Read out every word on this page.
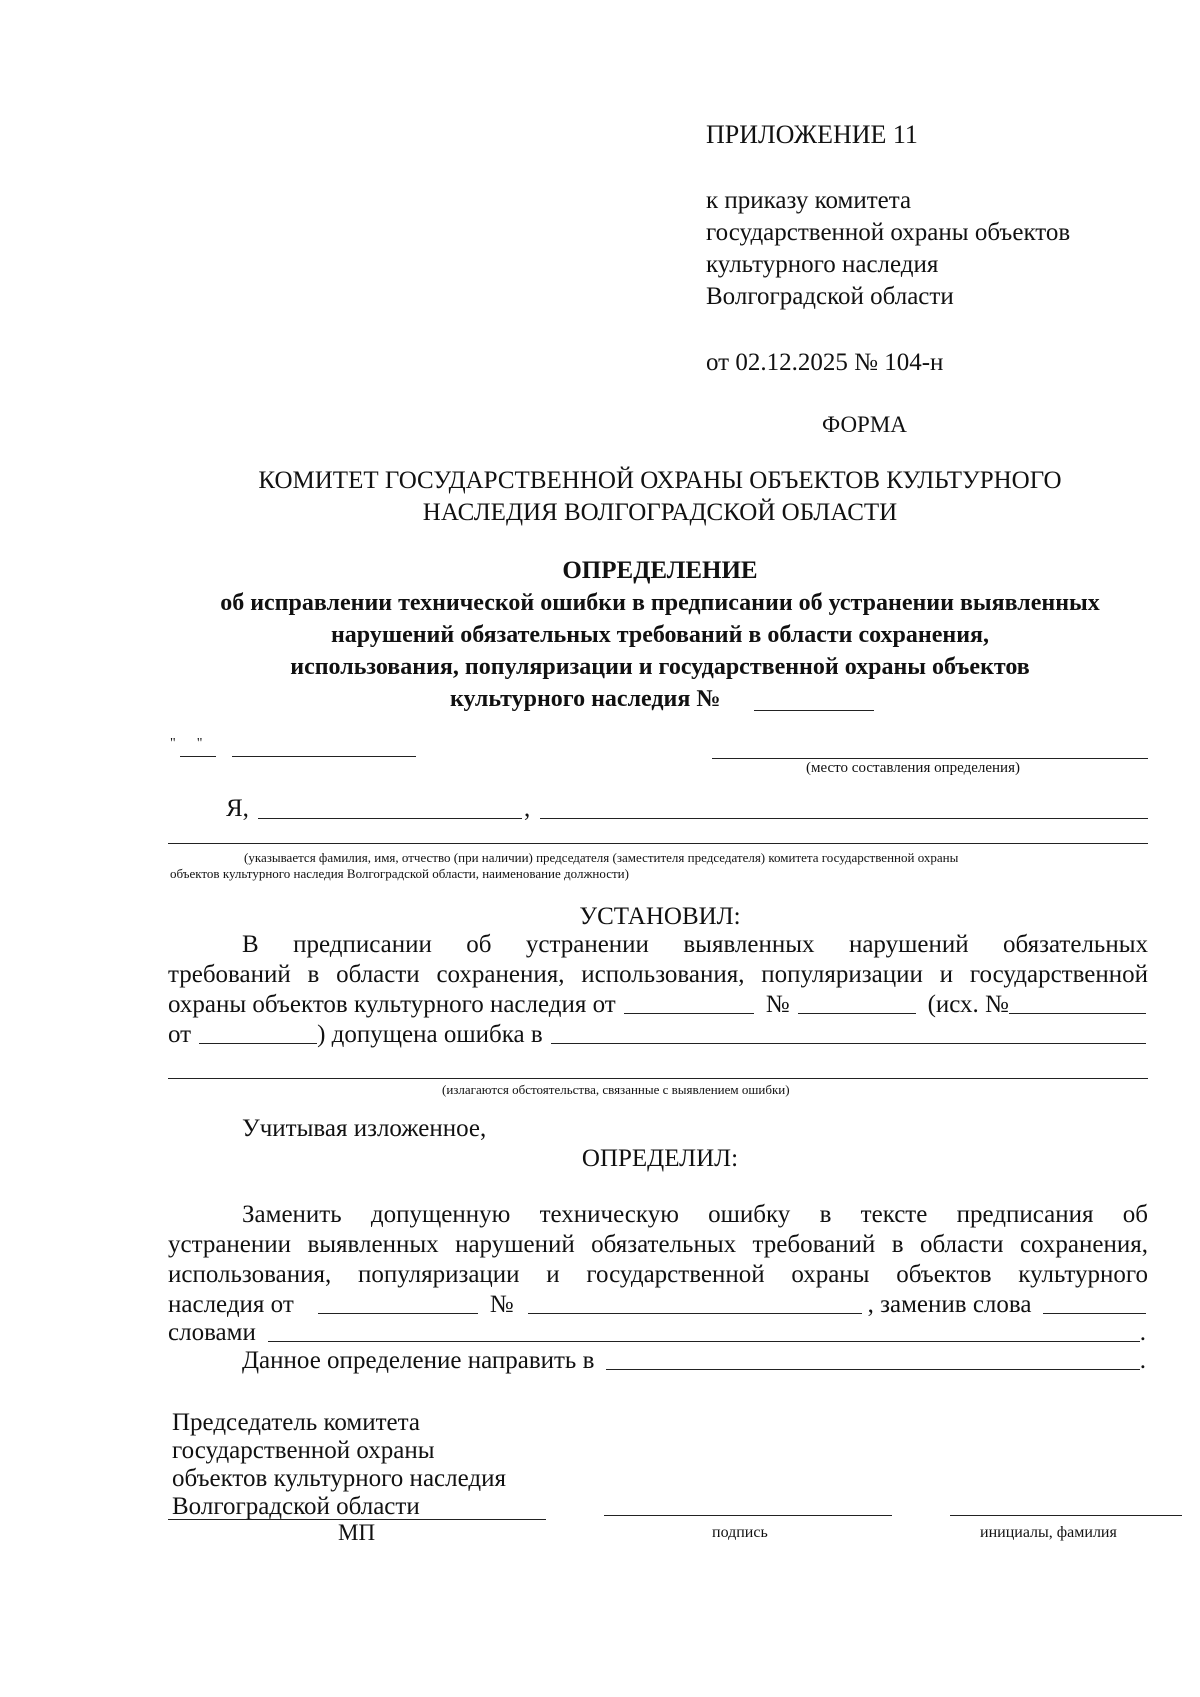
ПРИЛОЖЕНИЕ 11
к приказу комитета
государственной охраны объектов
культурного наследия
Волгоградской области
от 02.12.2025 № 104-н
ФОРМА
КОМИТЕТ ГОСУДАРСТВЕННОЙ ОХРАНЫ ОБЪЕКТОВ КУЛЬТУРНОГО
НАСЛЕДИЯ ВОЛГОГРАДСКОЙ ОБЛАСТИ
ОПРЕДЕЛЕНИЕ
об исправлении технической ошибки в предписании об устранении выявленных
нарушений обязательных требований в области сохранения,
использования, популяризации и государственной охраны объектов
культурного наследия №
"      "
(место составления определения)
Я,	,
(указывается фамилия, имя, отчество (при наличии) председателя (заместителя председателя) комитета государственной охраны
объектов культурного наследия Волгоградской области, наименование должности)
УСТАНОВИЛ:
В предписании об устранении выявленных нарушений обязательных
требований в области сохранения, использования, популяризации и государственной
охраны объектов культурного наследия от	№	(исх. №
от	) допущена ошибка в
(излагаются обстоятельства, связанные с выявлением ошибки)
Учитывая изложенное,
ОПРЕДЕЛИЛ:
Заменить допущенную техническую ошибку в тексте предписания об
устранении выявленных нарушений обязательных требований в области сохранения,
использования, популяризации и государственной охраны объектов культурного
наследия от	№	, заменив слова
словами	.
Данное определение направить в	.
Председатель комитета
государственной охраны
объектов культурного наследия
Волгоградской области
МП	подпись	инициалы, фамилия
